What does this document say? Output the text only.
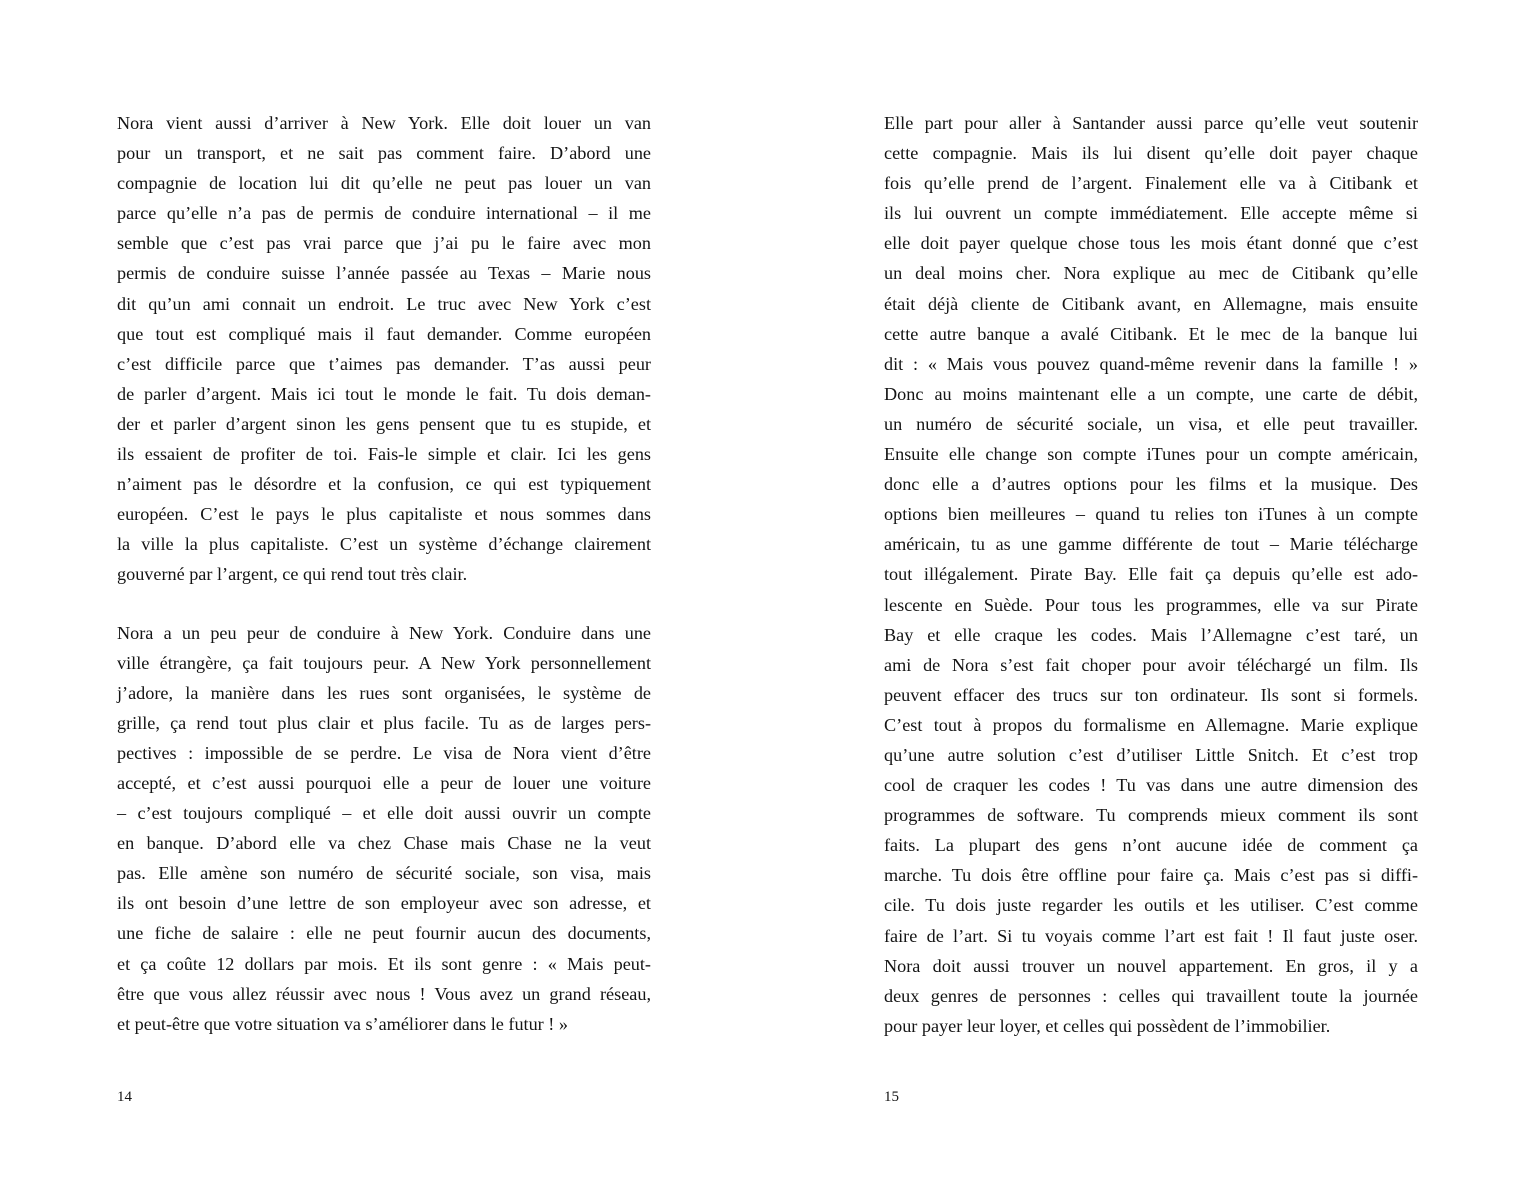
Nora vient aussi d’arriver à New York. Elle doit louer un van
pour un transport, et ne sait pas comment faire. D’abord une
compagnie de location lui dit qu’elle ne peut pas louer un van
parce qu’elle n’a pas de permis de conduire international – il me
semble que c’est pas vrai parce que j’ai pu le faire avec mon
permis de conduire suisse l’année passée au Texas – Marie nous
dit qu’un ami connait un endroit. Le truc avec New York c’est
que tout est compliqué mais il faut demander. Comme européen
c’est difficile parce que t’aimes pas demander. T’as aussi peur
de parler d’argent. Mais ici tout le monde le fait. Tu dois deman-
der et parler d’argent sinon les gens pensent que tu es stupide, et
ils essaient de profiter de toi. Fais-le simple et clair. Ici les gens
n’aiment pas le désordre et la confusion, ce qui est typiquement
européen. C’est le pays le plus capitaliste et nous sommes dans
la ville la plus capitaliste. C’est un système d’échange clairement
gouverné par l’argent, ce qui rend tout très clair.
Nora a un peu peur de conduire à New York. Conduire dans une
ville étrangère, ça fait toujours peur. A New York personnellement
j’adore, la manière dans les rues sont organisées, le système de
grille, ça rend tout plus clair et plus facile. Tu as de larges pers-
pectives : impossible de se perdre. Le visa de Nora vient d’être
accepté, et c’est aussi pourquoi elle a peur de louer une voiture
– c’est toujours compliqué – et elle doit aussi ouvrir un compte
en banque. D’abord elle va chez Chase mais Chase ne la veut
pas. Elle amène son numéro de sécurité sociale, son visa, mais
ils ont besoin d’une lettre de son employeur avec son adresse, et
une fiche de salaire : elle ne peut fournir aucun des documents,
et ça coûte 12 dollars par mois. Et ils sont genre : « Mais peut-
être que vous allez réussir avec nous ! Vous avez un grand réseau,
et peut-être que votre situation va s’améliorer dans le futur ! »
Elle part pour aller à Santander aussi parce qu’elle veut soutenir
cette compagnie. Mais ils lui disent qu’elle doit payer chaque
fois qu’elle prend de l’argent. Finalement elle va à Citibank et
ils lui ouvrent un compte immédiatement. Elle accepte même si
elle doit payer quelque chose tous les mois étant donné que c’est
un deal moins cher. Nora explique au mec de Citibank qu’elle
était déjà cliente de Citibank avant, en Allemagne, mais ensuite
cette autre banque a avalé Citibank. Et le mec de la banque lui
dit : « Mais vous pouvez quand-même revenir dans la famille ! »
Donc au moins maintenant elle a un compte, une carte de débit,
un numéro de sécurité sociale, un visa, et elle peut travailler.
Ensuite elle change son compte iTunes pour un compte américain,
donc elle a d’autres options pour les films et la musique. Des
options bien meilleures – quand tu relies ton iTunes à un compte
américain, tu as une gamme différente de tout – Marie télécharge
tout illégalement. Pirate Bay. Elle fait ça depuis qu’elle est ado-
lescente en Suède. Pour tous les programmes, elle va sur Pirate
Bay et elle craque les codes. Mais l’Allemagne c’est taré, un
ami de Nora s’est fait choper pour avoir téléchargé un film. Ils
peuvent effacer des trucs sur ton ordinateur. Ils sont si formels.
C’est tout à propos du formalisme en Allemagne. Marie explique
qu’une autre solution c’est d’utiliser Little Snitch. Et c’est trop
cool de craquer les codes ! Tu vas dans une autre dimension des
programmes de software. Tu comprends mieux comment ils sont
faits. La plupart des gens n’ont aucune idée de comment ça
marche. Tu dois être offline pour faire ça. Mais c’est pas si diffi-
cile. Tu dois juste regarder les outils et les utiliser. C’est comme
faire de l’art. Si tu voyais comme l’art est fait ! Il faut juste oser.
Nora doit aussi trouver un nouvel appartement. En gros, il y a
deux genres de personnes : celles qui travaillent toute la journée
pour payer leur loyer, et celles qui possèdent de l’immobilier.
14	15
